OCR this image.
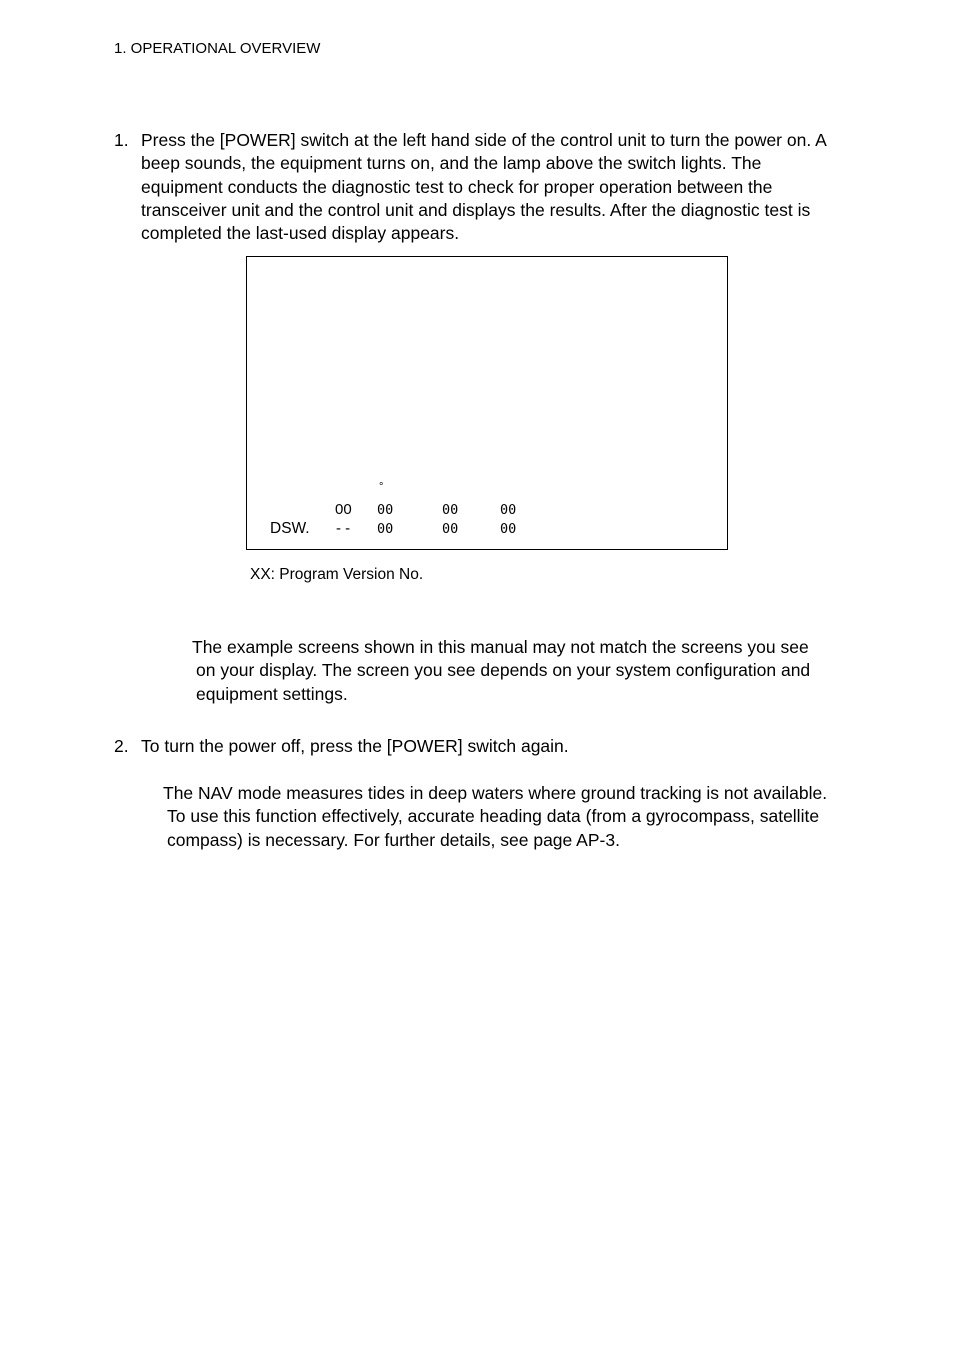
1. OPERATIONAL OVERVIEW
1. Press the [POWER] switch at the left hand side of the control unit to turn the power on. A
beep sounds, the equipment turns on, and the lamp above the switch lights. The
equipment conducts the diagnostic test to check for proper operation between the
transceiver unit and the control unit and displays the results. After the diagnostic test is
completed the last-used display appears.
°
00 00	00	00
DSW. - - 00	00	00
XX: Program Version No.
The example screens shown in this manual may not match the screens you see
on your display. The screen you see depends on your system configuration and
equipment settings.
2. To turn the power off, press the [POWER] switch again.
The NAV mode measures tides in deep waters where ground tracking is not available.
To use this function effectively, accurate heading data (from a gyrocompass, satellite
compass) is necessary. For further details, see page AP-3.
